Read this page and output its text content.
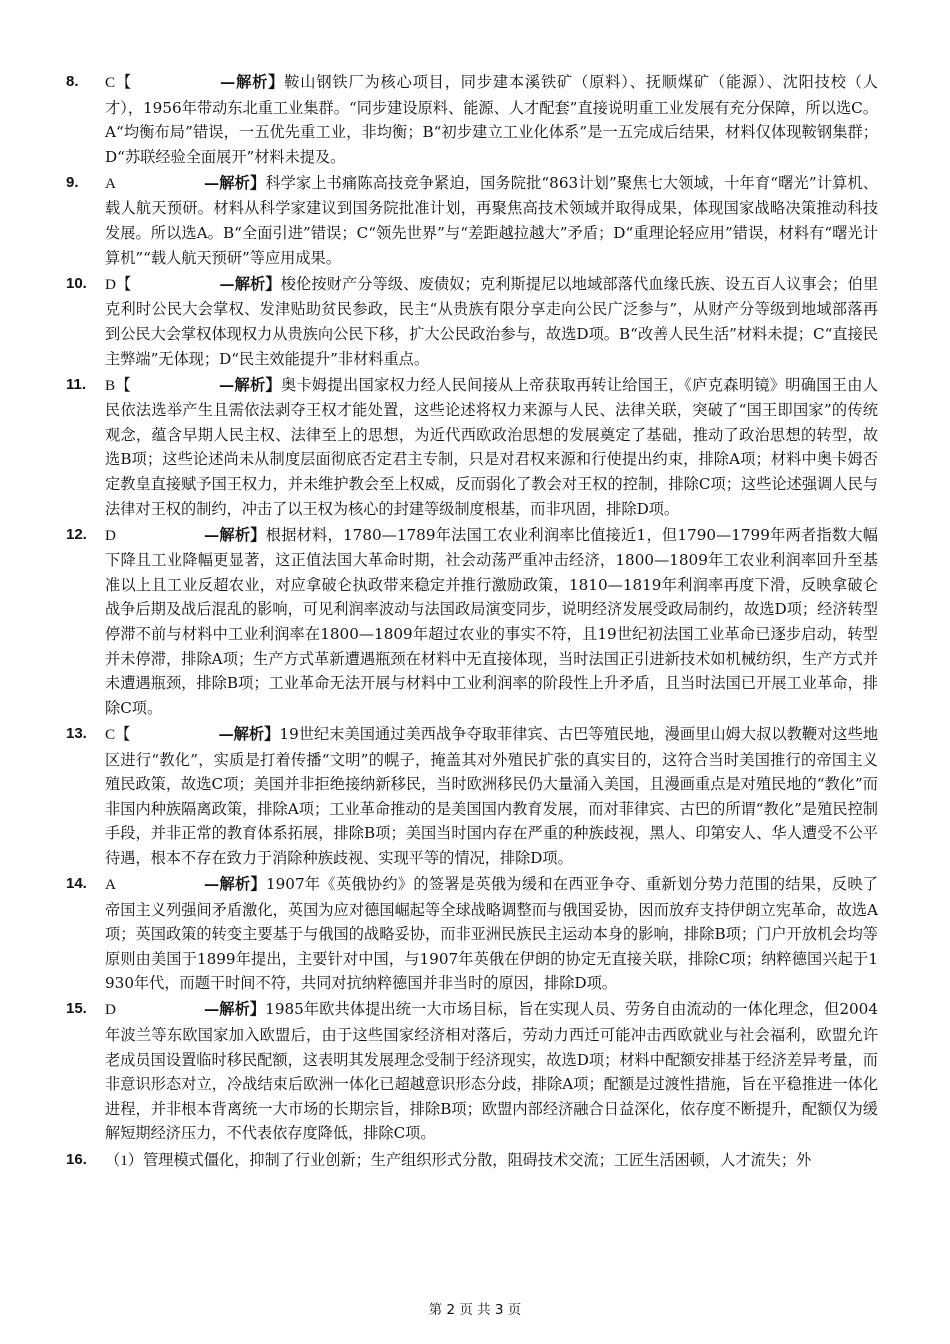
8. C【	—解析】鞍山钢铁厂为核心项目，同步建本溪铁矿（原料）、抚顺煤矿（能源）、沈阳技校（人才），1956年带动东北重工业集群。“同步建设原料、能源、人才配套”直接说明重工业发展有充分保障，所以选C。A“均衡布局”错误，一五优先重工业，非均衡；B“初步建立工业化体系”是一五完成后结果，材料仅体现鞍钢集群；D“苏联经验全面展开”材料未提及。
9. A	—解析】科学家上书痛陈高技竞争紧迫，国务院批“863计划”聚焦七大领域，十年育“曙光”计算机、载人航天预研。材料从科学家建议到国务院批准计划，再聚焦高技术领域并取得成果，体现国家战略决策推动科技发展。所以选A。B“全面引进”错误；C“领先世界”与“差距越拉越大”矛盾；D“重理论轻应用”错误，材料有“曙光计算机”“载人航天预研”等应用成果。
10. D【	—解析】梭伦按财产分等级、废债奴；克利斯提尼以地域部落代血缘氏族、设五百人议事会；伯里克利时公民大会掌权、发津贴助贫民参政，民主“从贵族有限分享走向公民广泛参与”，从财产分等级到地域部落再到公民大会掌权体现权力从贵族向公民下移，扩大公民政治参与，故选D项。B“改善人民生活”材料未提；C“直接民主弊端”无体现；D“民主效能提升”非材料重点。
11. B【	—解析】奥卡姆提出国家权力经人民间接从上帝获取再转让给国王，《庐克森明镜》明确国王由人民依法选举产生且需依法剥夺王权才能处置，这些论述将权力来源与人民、法律关联，突破了“国王即国家”的传统观念，蕴含早期人民主权、法律至上的思想，为近代西欧政治思想的发展奠定了基础，推动了政治思想的转型，故选B项；这些论述尚未从制度层面彻底否定君主专制，只是对君权来源和行使提出约束，排除A项；材料中奥卡姆否定教皇直接赋予国王权力，并未维护教会至上权威，反而弱化了教会对王权的控制，排除C项；这些论述强调人民与法律对王权的制约，冲击了以王权为核心的封建等级制度根基，而非巩固，排除D项。
12. D	—解析】根据材料，1780—1789年法国工农业利润率比值接近1，但1790—1799年两者指数大幅下降且工业降幅更显著，这正值法国大革命时期，社会动荡严重冲击经济，1800—1809年工农业利润率回升至基准以上且工业反超农业，对应拿破仑执政带来稳定并推行激励政策，1810—1819年利润率再度下滑，反映拿破仑战争后期及战后混乱的影响，可见利润率波动与法国政局演变同步，说明经济发展受政局制约，故选D项；经济转型停滞不前与材料中工业利润率在1800—1809年超过农业的事实不符，且19世纪初法国工业革命已逐步启动，转型并未停滞，排除A项；生产方式革新遭遇瓶颈在材料中无直接体现，当时法国正引进新技术如机械纺织，生产方式并未遭遇瓶颈，排除B项；工业革命无法开展与材料中工业利润率的阶段性上升矛盾，且当时法国已开展工业革命，排除C项。
13. C【	—解析】19世纪末美国通过美西战争夺取菲律宾、古巴等殖民地，漫画里山姆大叔以教鞭对这些地区进行“教化”，实质是打着传播“文明”的幌子，掩盖其对外殖民扩张的真实目的，这符合当时美国推行的帝国主义殖民政策，故选C项；美国并非拒绝接纳新移民，当时欧洲移民仍大量涌入美国，且漫画重点是对殖民地的“教化”而非国内种族隔离政策，排除A项；工业革命推动的是美国国内教育发展，而对菲律宾、古巴的所谓“教化”是殖民控制手段，并非正常的教育体系拓展，排除B项；美国当时国内存在严重的种族歧视，黑人、印第安人、华人遭受不公平待遇，根本不存在致力于消除种族歧视、实现平等的情况，排除D项。
14. A	—解析】1907年《英俄协约》的签署是英俄为缓和在西亚争夺、重新划分势力范围的结果，反映了帝国主义列强间矛盾激化，英国为应对德国崛起等全球战略调整而与俄国妥协，因而放弃支持伊朗立宪革命，故选A项；英国政策的转变主要基于与俄国的战略妥协，而非亚洲民族民主运动本身的影响，排除B项；门户开放机会均等原则由美国于1899年提出，主要针对中国，与1907年英俄在伊朗的协定无直接关联，排除C项；纳粹德国兴起于1930年代，而题干时间不符，共同对抗纳粹德国并非当时的原因，排除D项。
15. D	—解析】1985年欧共体提出统一大市场目标，旨在实现人员、劳务自由流动的一体化理念，但2004年波兰等东欧国家加入欧盟后，由于这些国家经济相对落后，劳动力西迁可能冲击西欧就业与社会福利，欧盟允许老成员国设置临时移民配额，这表明其发展理念受制于经济现实，故选D项；材料中配额安排基于经济差异考量，而非意识形态对立，冷战结束后欧洲一体化已超越意识形态分歧，排除A项；配额是过渡性措施，旨在平稳推进一体化进程，并非根本背离统一大市场的长期宗旨，排除B项；欧盟内部经济融合日益深化，依存度不断提升，配额仅为缓解短期经济压力，不代表依存度降低，排除C项。
16. （1）管理模式僵化，抑制了行业创新；生产组织形式分散，阻碍技术交流；工匠生活困顿，人才流失；外
第 2 页 共 3 页
